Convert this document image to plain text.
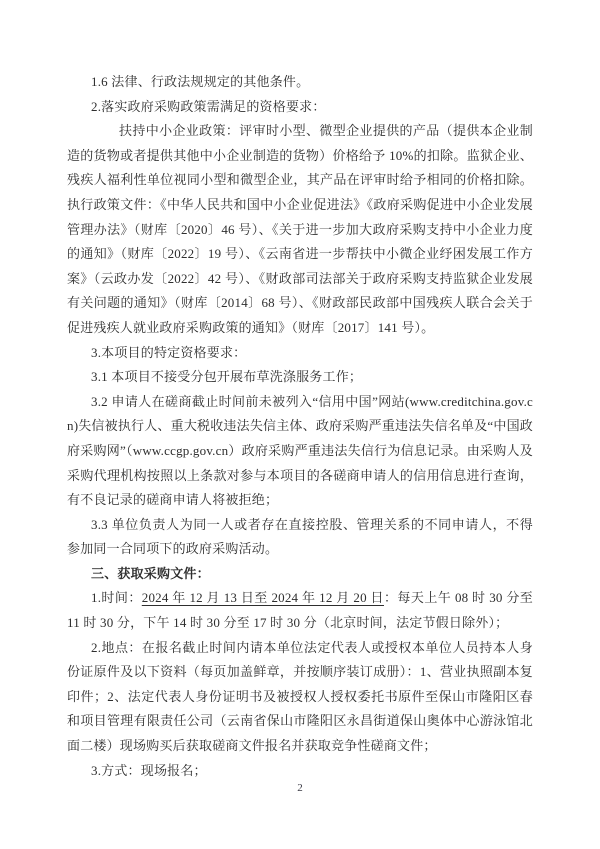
1.6 法律、行政法规规定的其他条件。

2.落实政府采购政策需满足的资格要求：

扶持中小企业政策：评审时小型、微型企业提供的产品（提供本企业制造的货物或者提供其他中小企业制造的货物）价格给予 10%的扣除。监狱企业、残疾人福利性单位视同小型和微型企业，其产品在评审时给予相同的价格扣除。执行政策文件：《中华人民共和国中小企业促进法》《政府采购促进中小企业发展管理办法》（财库〔2020〕46 号）、《关于进一步加大政府采购支持中小企业力度的通知》（财库〔2022〕19 号）、《云南省进一步帮扶中小微企业纾困发展工作方案》（云政办发〔2022〕42 号）、《财政部司法部关于政府采购支持监狱企业发展有关问题的通知》（财库〔2014〕68 号）、《财政部民政部中国残疾人联合会关于促进残疾人就业政府采购政策的通知》（财库〔2017〕141 号）。

3.本项目的特定资格要求：

3.1 本项目不接受分包开展布草洗涤服务工作；

3.2 申请人在磋商截止时间前未被列入“信用中国”网站(www.creditchina.gov.cn)失信被执行人、重大税收违法失信主体、政府采购严重违法失信名单及“中国政府采购网”（www.ccgp.gov.cn）政府采购严重违法失信行为信息记录。由采购人及采购代理机构按照以上条款对参与本项目的各磋商申请人的信用信息进行查询，有不良记录的磋商申请人将被拒绝；

3.3 单位负责人为同一人或者存在直接控股、管理关系的不同申请人，不得参加同一合同项下的政府采购活动。

三、获取采购文件：

1.时间：2024 年 12 月 13 日至 2024 年 12 月 20 日：每天上午 08 时 30 分至 11 时 30 分，下午 14 时 30 分至 17 时 30 分（北京时间，法定节假日除外）；

2.地点：在报名截止时间内请本单位法定代表人或授权本单位人员持本人身份证原件及以下资料（每页加盖鲜章，并按顺序装订成册）：1、营业执照副本复印件；2、法定代表人身份证明书及被授权人授权委托书原件至保山市隆阳区春和项目管理有限责任公司（云南省保山市隆阳区永昌街道保山奥体中心游泳馆北面二楼）现场购买后获取磋商文件报名并获取竞争性磋商文件；

3.方式：现场报名；

2
